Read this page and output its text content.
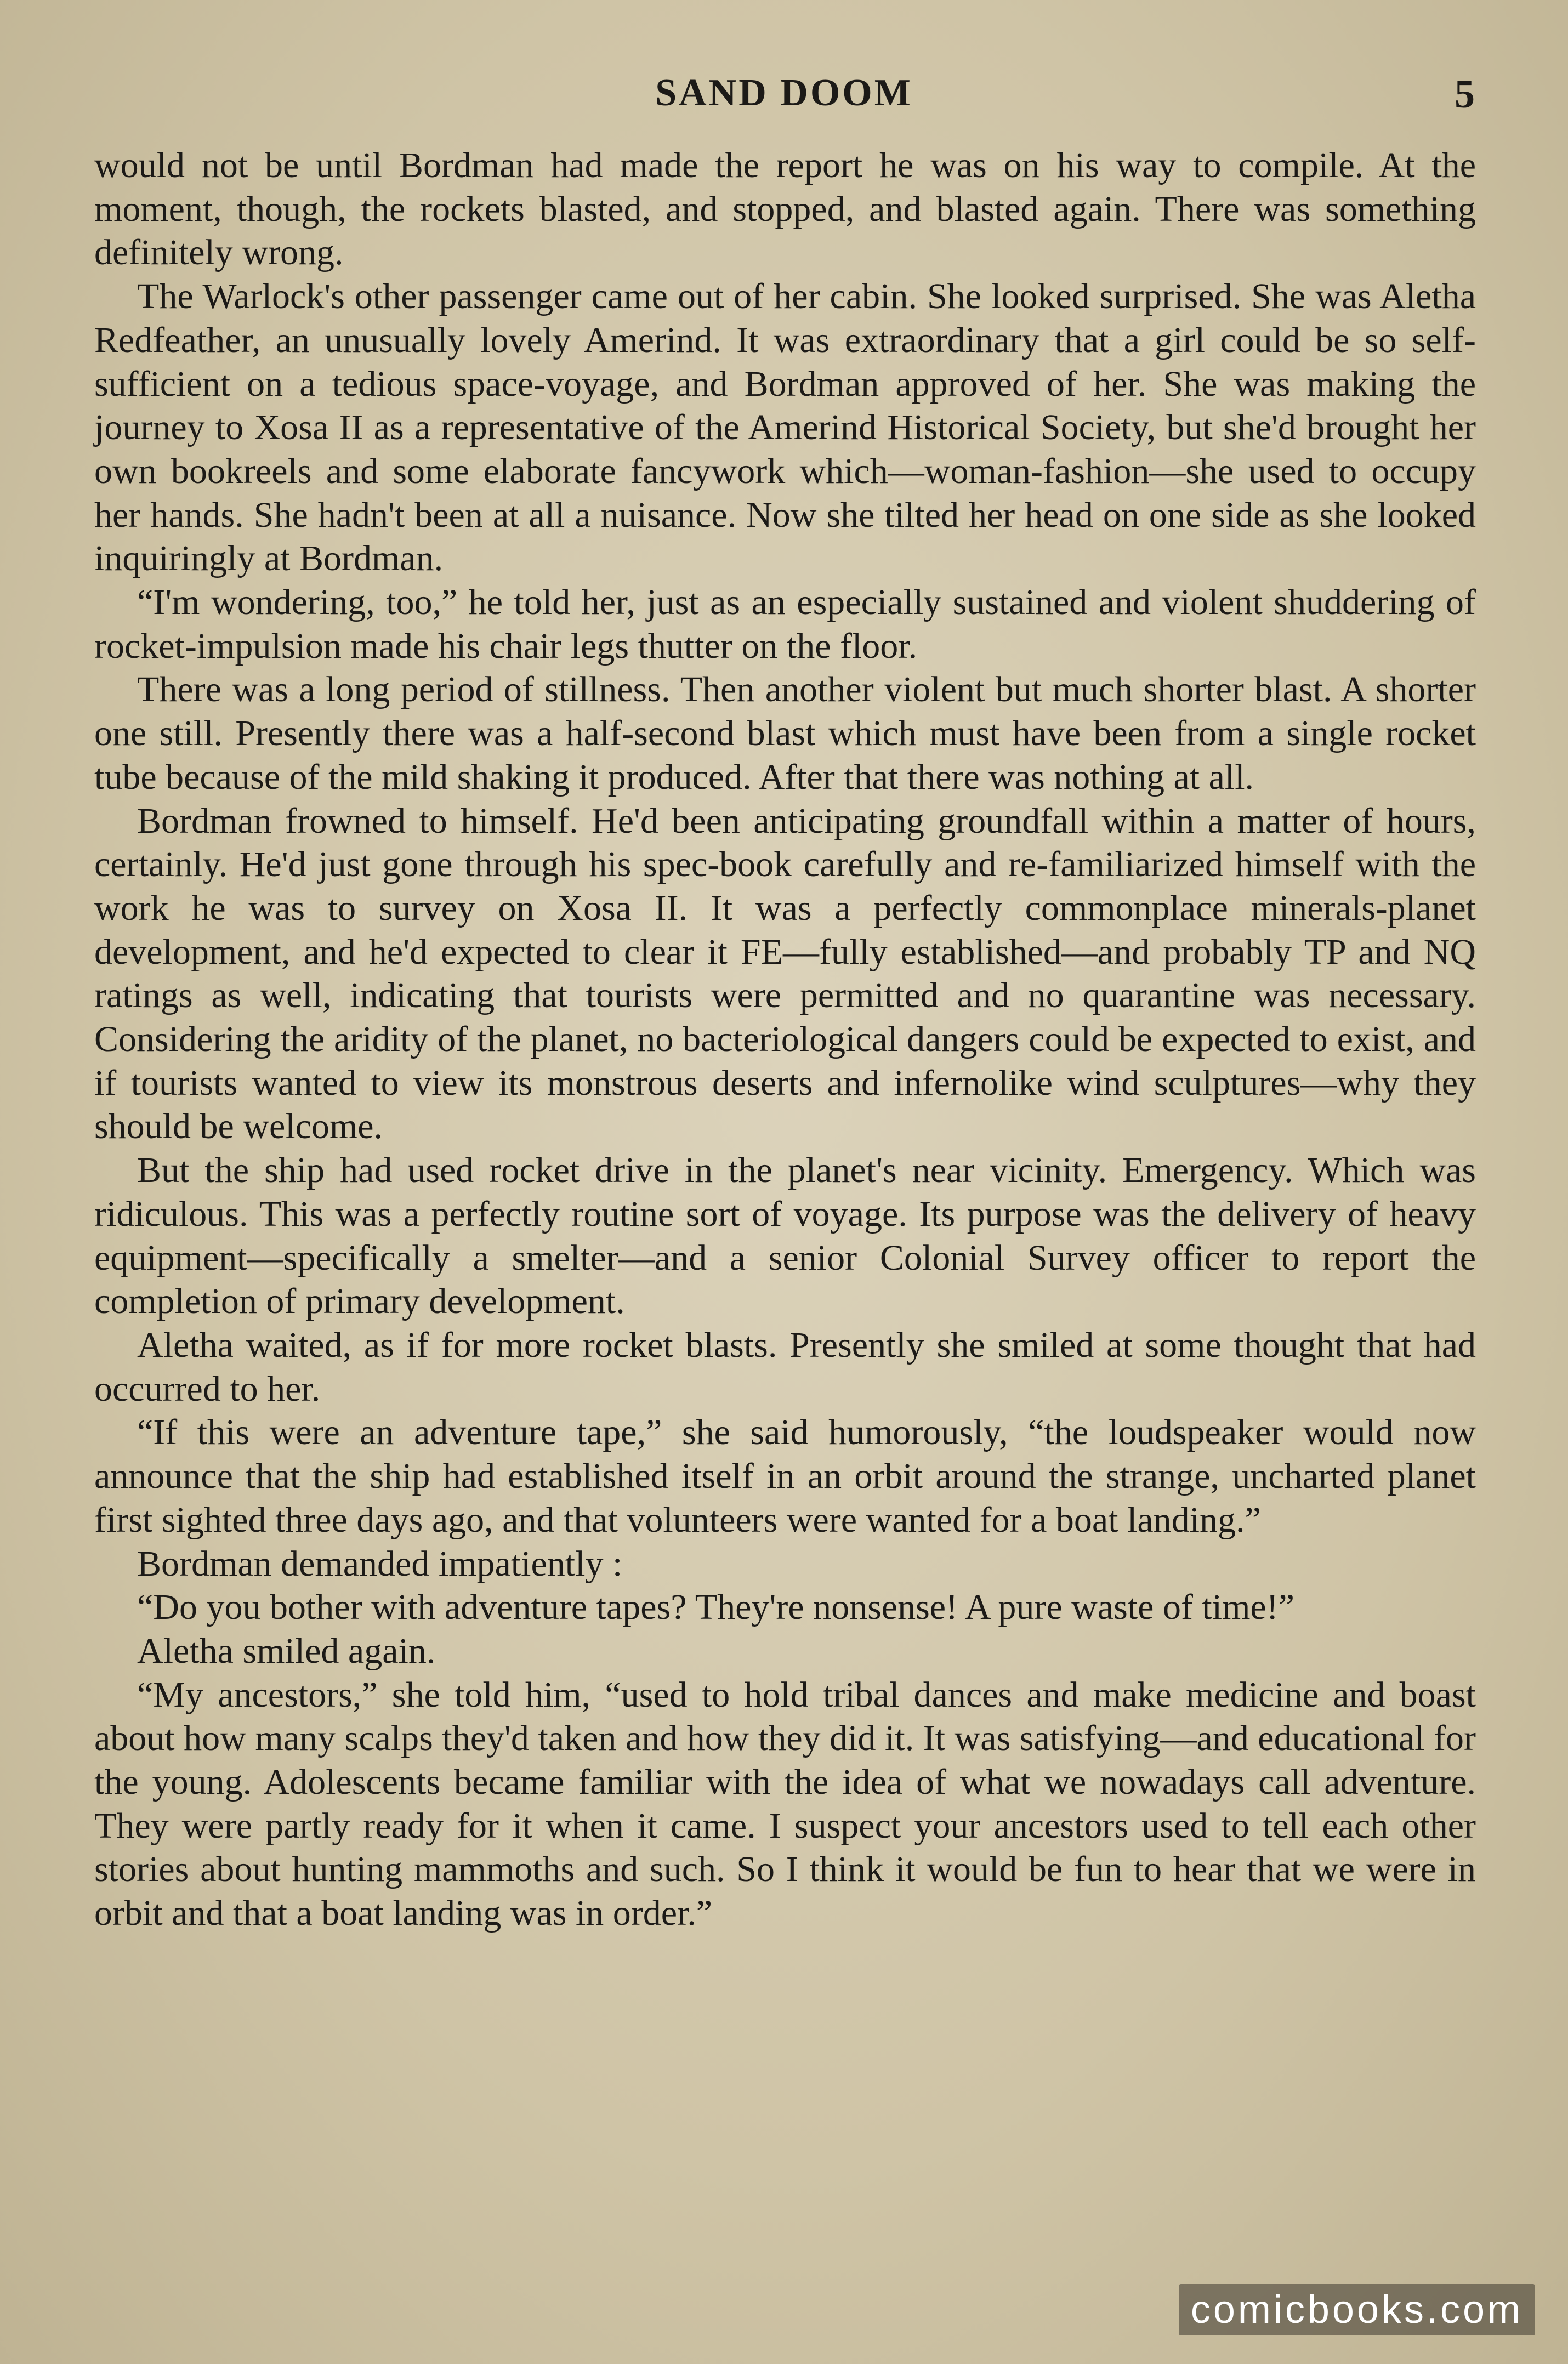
SAND DOOM	5

would not be until Bordman had made the report he was on his way to compile. At the moment, though, the rockets blasted, and stopped, and blasted again. There was something definitely wrong.

The Warlock's other passenger came out of her cabin. She looked surprised. She was Aletha Redfeather, an unusually lovely Amerind. It was extraordinary that a girl could be so self-sufficient on a tedious space-voyage, and Bordman approved of her. She was making the journey to Xosa II as a representative of the Amerind Historical Society, but she'd brought her own bookreels and some elaborate fancywork which—woman-fashion—she used to occupy her hands. She hadn't been at all a nuisance. Now she tilted her head on one side as she looked inquiringly at Bordman.

“I'm wondering, too,” he told her, just as an especially sustained and violent shuddering of rocket-impulsion made his chair legs thutter on the floor.

There was a long period of stillness. Then another violent but much shorter blast. A shorter one still. Presently there was a half-second blast which must have been from a single rocket tube because of the mild shaking it produced. After that there was nothing at all.

Bordman frowned to himself. He'd been anticipating groundfall within a matter of hours, certainly. He'd just gone through his spec-book carefully and re-familiarized himself with the work he was to survey on Xosa II. It was a perfectly commonplace minerals-planet development, and he'd expected to clear it FE—fully established—and probably TP and NQ ratings as well, indicating that tourists were permitted and no quarantine was necessary. Considering the aridity of the planet, no bacteriological dangers could be expected to exist, and if tourists wanted to view its monstrous deserts and infernolike wind sculptures—why they should be welcome.

But the ship had used rocket drive in the planet's near vicinity. Emergency. Which was ridiculous. This was a perfectly routine sort of voyage. Its purpose was the delivery of heavy equipment—specifically a smelter—and a senior Colonial Survey officer to report the completion of primary development.

Aletha waited, as if for more rocket blasts. Presently she smiled at some thought that had occurred to her.

“If this were an adventure tape,” she said humorously, “the loudspeaker would now announce that the ship had established itself in an orbit around the strange, uncharted planet first sighted three days ago, and that volunteers were wanted for a boat landing.”

Bordman demanded impatiently :

“Do you bother with adventure tapes? They're nonsense! A pure waste of time!”

Aletha smiled again.

“My ancestors,” she told him, “used to hold tribal dances and make medicine and boast about how many scalps they'd taken and how they did it. It was satisfying—and educational for the young. Adolescents became familiar with the idea of what we nowadays call adventure. They were partly ready for it when it came. I suspect your ancestors used to tell each other stories about hunting mammoths and such. So I think it would be fun to hear that we were in orbit and that a boat landing was in order.”

comicbooks.com
